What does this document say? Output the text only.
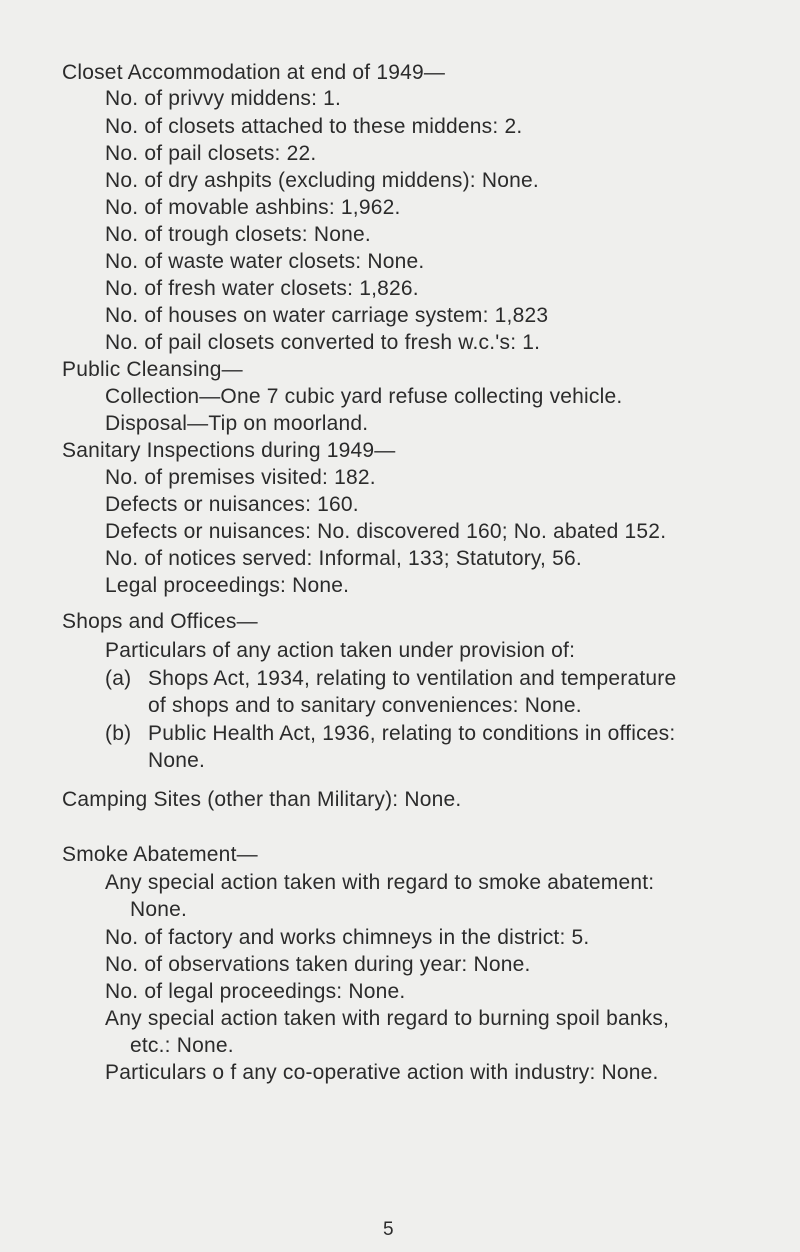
Closet Accommodation at end of 1949—
No. of privvy middens: 1.
No. of closets attached to these middens: 2.
No. of pail closets: 22.
No. of dry ashpits (excluding middens): None.
No. of movable ashbins: 1,962.
No. of trough closets: None.
No. of waste water closets: None.
No. of fresh water closets: 1,826.
No. of houses on water carriage system: 1,823
No. of pail closets converted to fresh w.c.'s: 1.
Public Cleansing—
Collection—One 7 cubic yard refuse collecting vehicle.
Disposal—Tip on moorland.
Sanitary Inspections during 1949—
No. of premises visited: 182.
Defects or nuisances: 160.
Defects or nuisances: No. discovered 160; No. abated 152.
No. of notices served: Informal, 133; Statutory, 56.
Legal proceedings: None.
Shops and Offices—
Particulars of any action taken under provision of:
(a) Shops Act, 1934, relating to ventilation and temperature
of shops and to sanitary conveniences: None.
(b) Public Health Act, 1936, relating to conditions in offices:
None.
Camping Sites (other than Military): None.
Smoke Abatement—
Any special action taken with regard to smoke abatement:
None.
No. of factory and works chimneys in the district: 5.
No. of observations taken during year: None.
No. of legal proceedings: None.
Any special action taken with regard to burning spoil banks,
etc.: None.
Particulars o f any co-operative action with industry: None.
5
